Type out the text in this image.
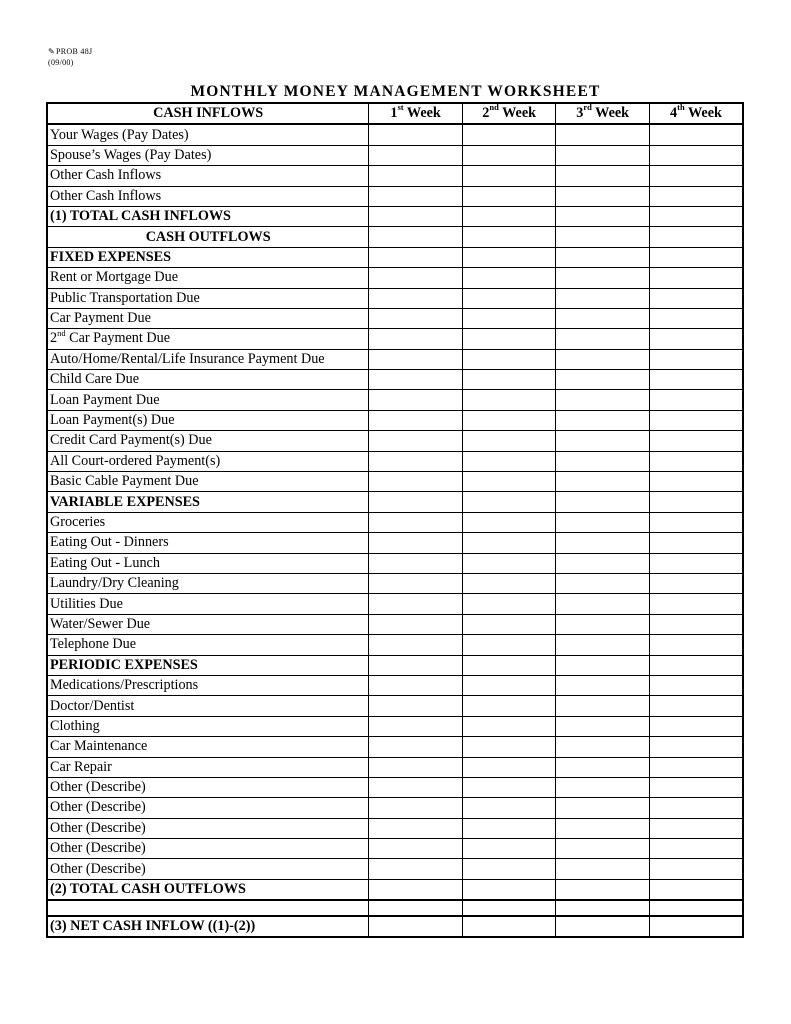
✎PROB 48J
(09/00)
MONTHLY MONEY MANAGEMENT WORKSHEET
CASH INFLOWS	1st Week	2nd Week	3rd Week	4th Week
Your Wages (Pay Dates)				
Spouse’s Wages (Pay Dates)				
Other Cash Inflows				
Other Cash Inflows				
(1) TOTAL CASH INFLOWS				
CASH OUTFLOWS				
FIXED EXPENSES				
Rent or Mortgage Due				
Public Transportation Due				
Car Payment Due				
2nd Car Payment Due				
Auto/Home/Rental/Life Insurance Payment Due				
Child Care Due				
Loan Payment Due				
Loan Payment(s) Due				
Credit Card Payment(s) Due				
All Court-ordered Payment(s)				
Basic Cable Payment Due				
VARIABLE EXPENSES				
Groceries				
Eating Out - Dinners				
Eating Out - Lunch				
Laundry/Dry Cleaning				
Utilities Due				
Water/Sewer Due				
Telephone Due				
PERIODIC EXPENSES				
Medications/Prescriptions				
Doctor/Dentist				
Clothing				
Car Maintenance				
Car Repair				
Other (Describe)				
Other (Describe)				
Other (Describe)				
Other (Describe)				
Other (Describe)				
(2) TOTAL CASH OUTFLOWS				

(3) NET CASH INFLOW ((1)-(2))				
